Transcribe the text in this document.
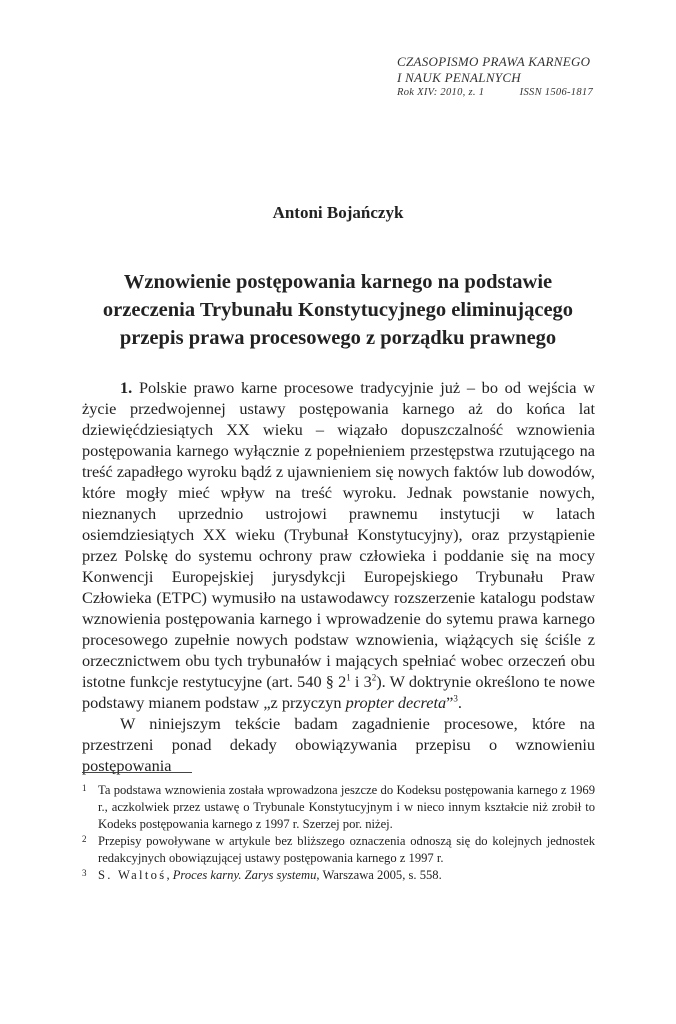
CZASOPISMO PRAWA KARNEGO
I NAUK PENALNYCH
Rok XIV: 2010, z. 1	ISSN 1506-1817
Antoni Bojańczyk
Wznowienie postępowania karnego na podstawie
orzeczenia Trybunału Konstytucyjnego eliminującego
przepis prawa procesowego z porządku prawnego

1. Polskie prawo karne procesowe tradycyjnie już – bo od wejścia w życie przedwojennej ustawy postępowania karnego aż do końca lat dziewięćdziesiątych XX wieku – wiązało dopuszczalność wznowienia postępowania karnego wyłącznie z popełnieniem przestępstwa rzutującego na treść zapadłego wyroku bądź z ujawnieniem się nowych faktów lub dowodów, które mogły mieć wpływ na treść wyroku. Jednak powstanie nowych, nieznanych uprzednio ustrojowi prawnemu instytucji w latach osiemdziesiątych XX wieku (Trybunał Konstytucyjny), oraz przystąpienie przez Polskę do systemu ochrony praw człowieka i poddanie się na mocy Konwencji Europejskiej jurysdykcji Europejskiego Trybunału Praw Człowieka (ETPC) wymusiło na ustawodawcy rozszerzenie katalogu podstaw wznowienia postępowania karnego i wprowadzenie do sytemu prawa karnego procesowego zupełnie nowych podstaw wznowienia, wiążących się ściśle z orzecznictwem obu tych trybunałów i mających spełniać wobec orzeczeń obu istotne funkcje restytucyjne (art. 540 § $2^1$ i $3^2$). W doktrynie określono te nowe podstawy mianem podstaw „z przyczyn propter decreta”$^3$.

W niniejszym tekście badam zagadnienie procesowe, które na przestrzeni ponad dekady obowiązywania przepisu o wznowieniu postępowania

1 Ta podstawa wznowienia została wprowadzona jeszcze do Kodeksu postępowania karnego z 1969 r., aczkolwiek przez ustawę o Trybunale Konstytucyjnym i w nieco innym kształcie niż zrobił to Kodeks postępowania karnego z 1997 r. Szerzej por. niżej.
2 Przepisy powoływane w artykule bez bliższego oznaczenia odnoszą się do kolejnych jednostek redakcyjnych obowiązującej ustawy postępowania karnego z 1997 r.
3 S. Waltoś, Proces karny. Zarys systemu, Warszawa 2005, s. 558.
